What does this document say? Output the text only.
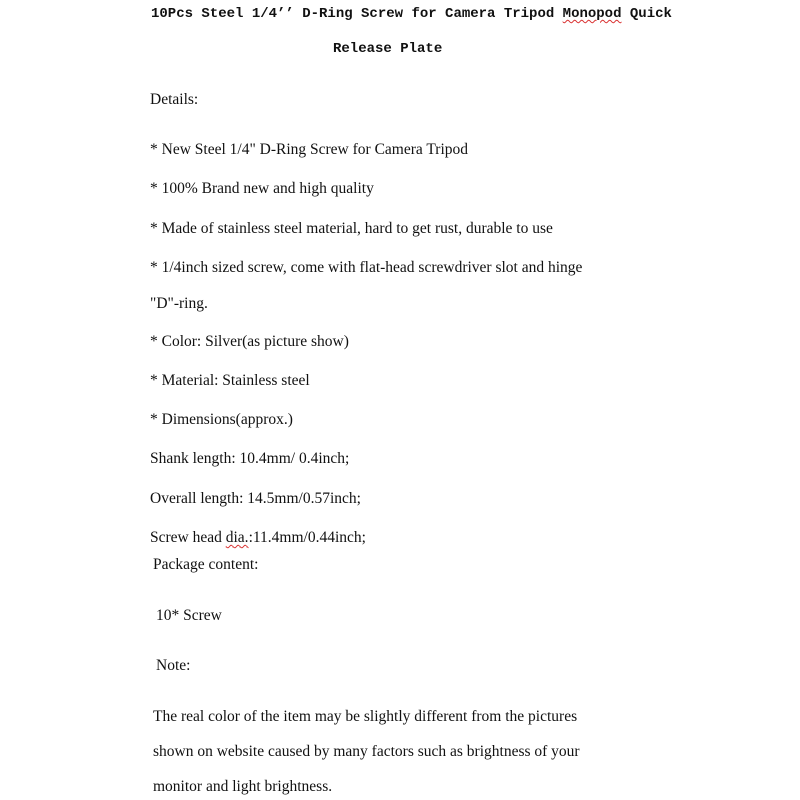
10Pcs Steel 1/4’’ D-Ring Screw for Camera Tripod Monopod Quick
Release Plate
Details:
* New Steel 1/4" D-Ring Screw for Camera Tripod
* 100% Brand new and high quality
* Made of stainless steel material, hard to get rust, durable to use
* 1/4inch sized screw, come with flat-head screwdriver slot and hinge
"D"-ring.
* Color: Silver(as picture show)
* Material: Stainless steel
* Dimensions(approx.)
Shank length: 10.4mm/ 0.4inch;
Overall length: 14.5mm/0.57inch;
Screw head dia.:11.4mm/0.44inch;
Package content:
10* Screw
Note:
The real color of the item may be slightly different from the pictures
shown on website caused by many factors such as brightness of your
monitor and light brightness.
